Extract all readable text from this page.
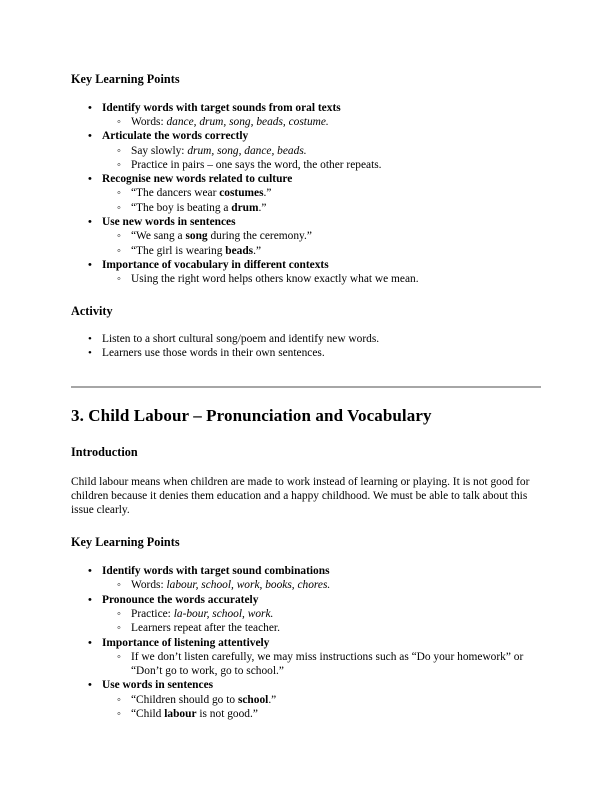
Key Learning Points
• Identify words with target sounds from oral texts
◦ Words: dance, drum, song, beads, costume.
• Articulate the words correctly
◦ Say slowly: drum, song, dance, beads.
◦ Practice in pairs – one says the word, the other repeats.
• Recognise new words related to culture
◦ “The dancers wear costumes.”
◦ “The boy is beating a drum.”
• Use new words in sentences
◦ “We sang a song during the ceremony.”
◦ “The girl is wearing beads.”
• Importance of vocabulary in different contexts
◦ Using the right word helps others know exactly what we mean.
Activity
• Listen to a short cultural song/poem and identify new words.
• Learners use those words in their own sentences.
3. Child Labour – Pronunciation and Vocabulary
Introduction

Child labour means when children are made to work instead of learning or playing. It is not good for children because it denies them education and a happy childhood. We must be able to talk about this issue clearly.

Key Learning Points
• Identify words with target sound combinations
◦ Words: labour, school, work, books, chores.
• Pronounce the words accurately
◦ Practice: la-bour, school, work.
◦ Learners repeat after the teacher.
• Importance of listening attentively
◦ If we don’t listen carefully, we may miss instructions such as “Do your homework” or “Don’t go to work, go to school.”
• Use words in sentences
◦ “Children should go to school.”
◦ “Child labour is not good.”
